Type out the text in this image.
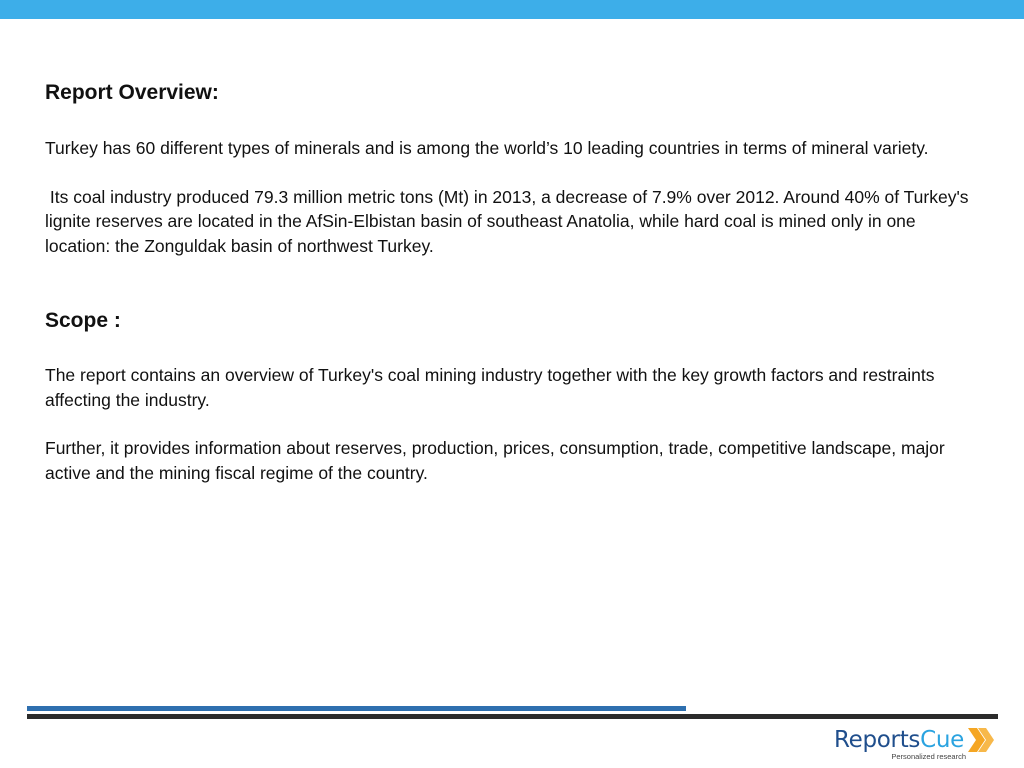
Report Overview:

Turkey has 60 different types of minerals and is among the world’s 10 leading countries in terms of mineral variety.

Its coal industry produced 79.3 million metric tons (Mt) in 2013, a decrease of 7.9% over 2012. Around 40% of Turkey's lignite reserves are located in the AfSin-Elbistan basin of southeast Anatolia, while hard coal is mined only in one location: the Zonguldak basin of northwest Turkey.

Scope :

The report contains an overview of Turkey's coal mining industry together with the key growth factors and restraints affecting the industry.

Further, it provides information about reserves, production, prices, consumption, trade, competitive landscape, major active and the mining fiscal regime of the country.

Reports Cue
Personalized research
